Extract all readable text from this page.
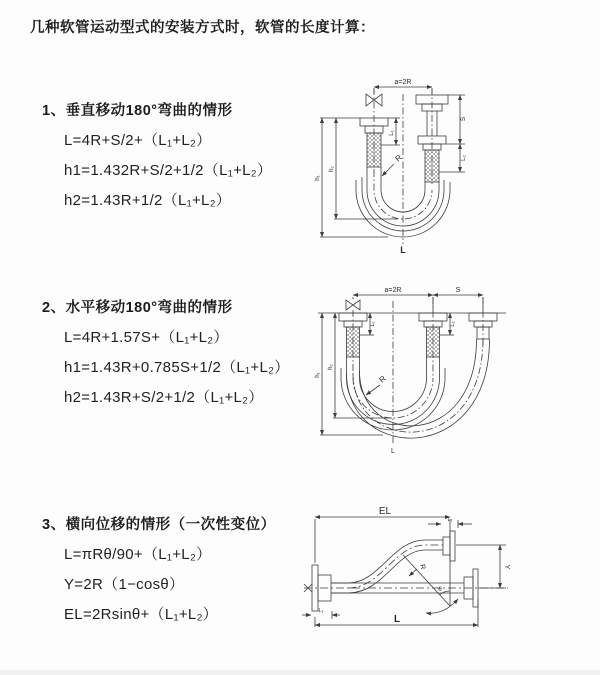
几种软管运动型式的安装方式时，软管的长度计算：
1、垂直移动180°弯曲的情形
L=4R+S/2+（L₁+L₂）
h1=1.432R+S/2+1/2（L₁+L₂）
h2=1.43R+1/2（L₁+L₂）
2、水平移动180°弯曲的情形
L=4R+1.57S+（L₁+L₂）
h1=1.43R+0.785S+1/2（L₁+L₂）
h2=1.43R+S/2+1/2（L₁+L₂）
3、横向位移的情形（一次性变位）
L=πRθ/90+（L₁+L₂）
Y=2R（1−cosθ）
EL=2Rsinθ+（L₁+L₂）
a=2R
L₁
S
L₂
h₁
h₂
R
L
a=2R	S
L₁	L₂
h₁
h₂
R
L
EL
L₁
Y
θ
R
L₁
L
